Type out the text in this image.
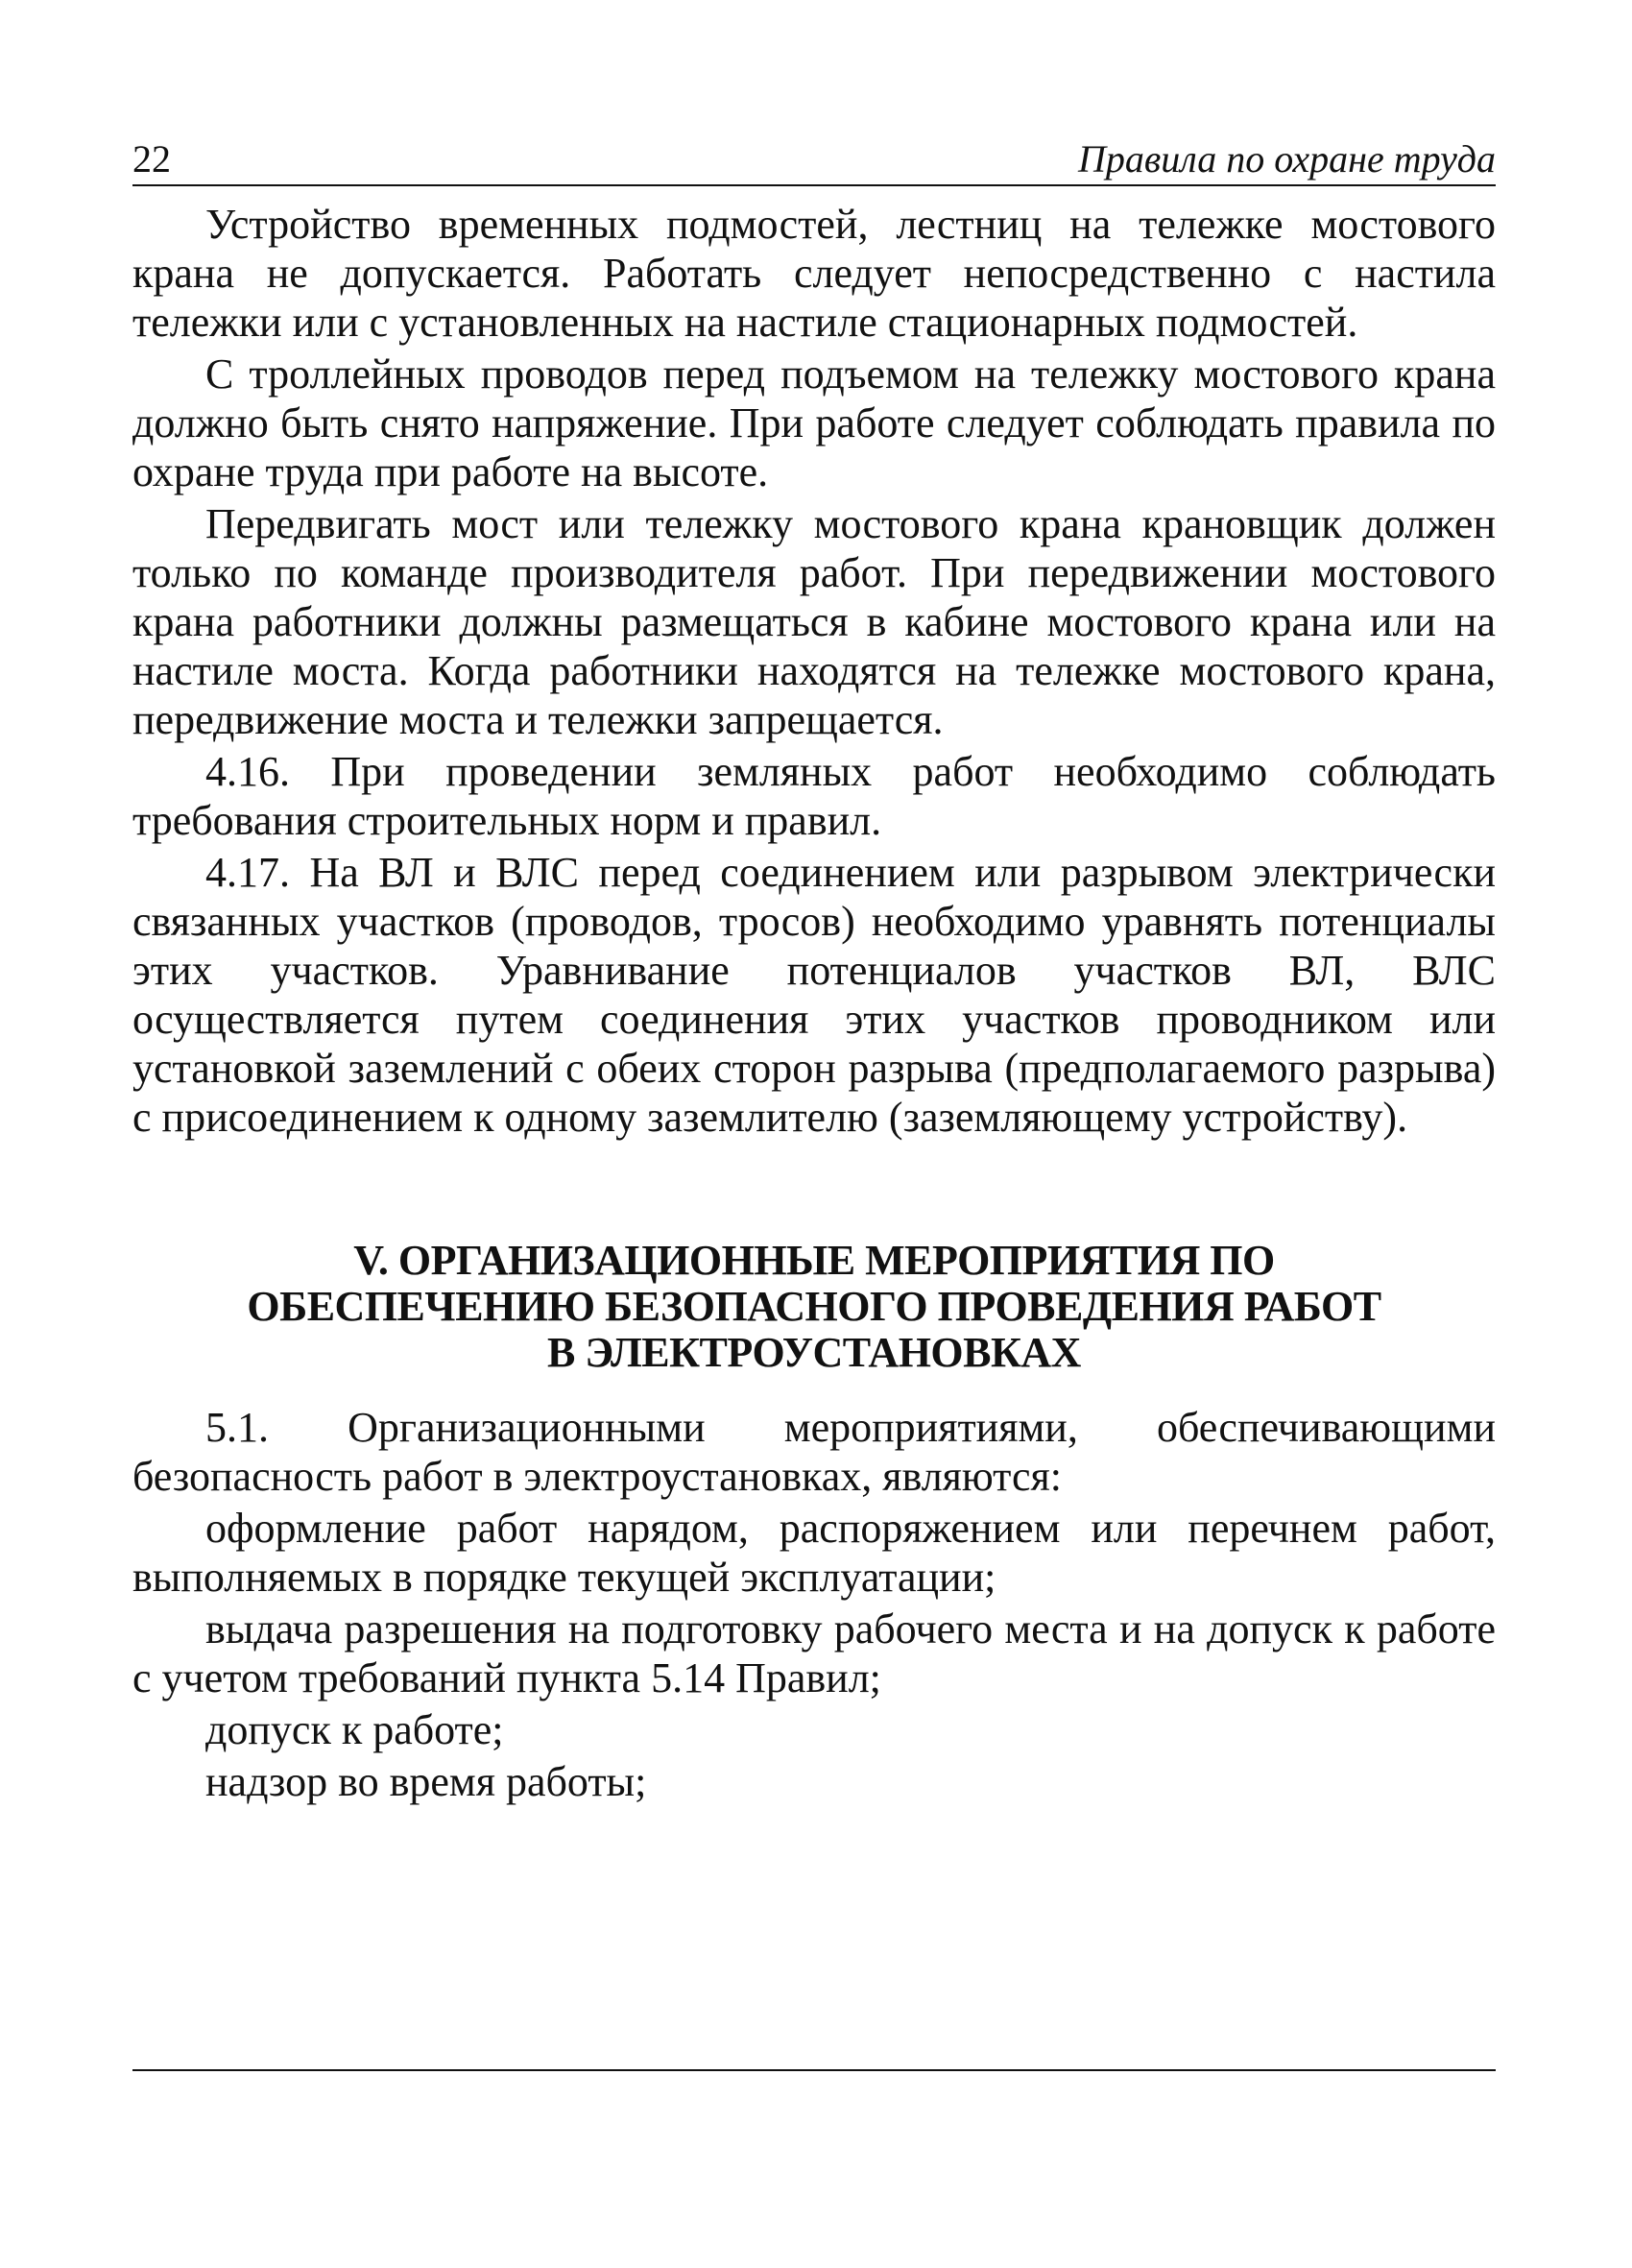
22	Правила по охране труда

Устройство временных подмостей, лестниц на тележке мостового крана не допускается. Работать следует непосредственно с настила тележки или с установленных на настиле стационарных подмостей.

С троллейных проводов перед подъемом на тележку мостового крана должно быть снято напряжение. При работе следует соблюдать правила по охране труда при работе на высоте.

Передвигать мост или тележку мостового крана крановщик должен только по команде производителя работ. При передвижении мостового крана работники должны размещаться в кабине мостового крана или на настиле моста. Когда работники находятся на тележке мостового крана, передвижение моста и тележки запрещается.

4.16. При проведении земляных работ необходимо соблюдать требования строительных норм и правил.

4.17. На ВЛ и ВЛС перед соединением или разрывом электрически связанных участков (проводов, тросов) необходимо уравнять потенциалы этих участков. Уравнивание потенциалов участков ВЛ, ВЛС осуществляется путем соединения этих участков проводником или установкой заземлений с обеих сторон разрыва (предполагаемого разрыва) с присоединением к одному заземлителю (заземляющему устройству).

V. ОРГАНИЗАЦИОННЫЕ МЕРОПРИЯТИЯ ПО
ОБЕСПЕЧЕНИЮ БЕЗОПАСНОГО ПРОВЕДЕНИЯ РАБОТ
В ЭЛЕКТРОУСТАНОВКАХ

5.1. Организационными мероприятиями, обеспечивающими безопасность работ в электроустановках, являются:

оформление работ нарядом, распоряжением или перечнем работ, выполняемых в порядке текущей эксплуатации;

выдача разрешения на подготовку рабочего места и на допуск к работе с учетом требований пункта 5.14 Правил;

допуск к работе;

надзор во время работы;
